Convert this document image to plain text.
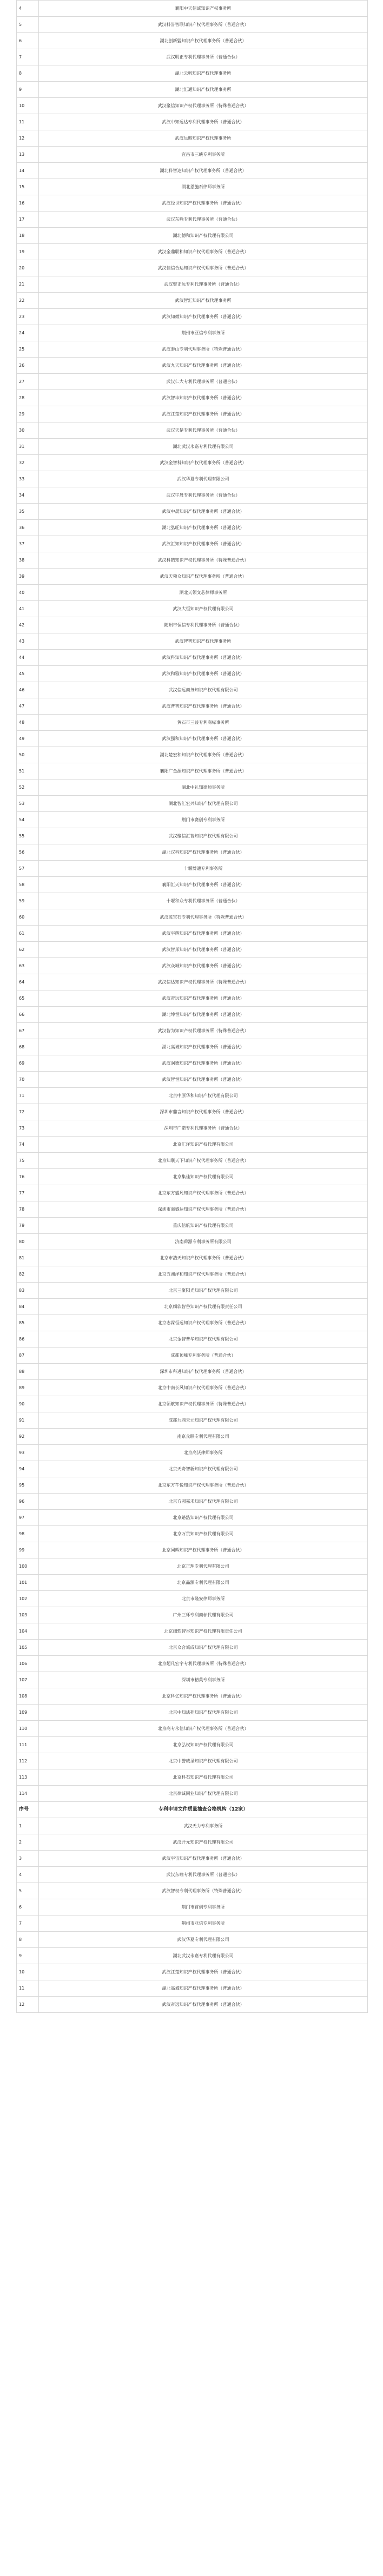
4	襄阳中天信诚知识产权事务所
5	武汉科誉智联知识产权代理事务所（普通合伙）
6	湖北创新盟知识产权代理事务所（普通合伙）
7	武汉明正专利代理事务所（普通合伙）
8	湖北云帆知识产权代理事务所
9	湖北汇通知识产权代理事务所
10	武汉聚信知识产权代理事务所（特殊普通合伙）
11	武汉中知远达专利代理事务所（普通合伙）
12	武汉远略知识产权代理事务所
13	宜昌市三峡专利事务所
14	湖北科智达知识产权代理事务所（普通合伙）
15	湖北恩施石律师事务所
16	武汉经世知识产权代理事务所（普通合伙）
17	武汉东喻专利代理事务所（普通合伙）
18	湖北德和知识产权代理有限公司
19	武汉金鼎联和知识产权代理事务所（普通合伙）
20	武汉佳信合达知识产权代理事务所（普通合伙）
21	武汉聚正远专利代理事务所（普通合伙）
22	武汉智汇知识产权代理事务所
23	武汉知微知识产权代理事务所（普通合伙）
24	荆州市亚信专利事务所
25	武汉泰山专利代理事务所（特殊普通合伙）
26	武汉九天知识产权代理事务所（普通合伙）
27	武汉仁大专利代理事务所（普通合伙）
28	武汉智丰知识产权代理事务所（普通合伙）
29	武汉江楚知识产权代理事务所（普通合伙）
30	武汉天楚专利代理事务所（普通合伙）
31	湖北武汉永嘉专利代理有限公司
32	武汉金智科知识产权代理事务所（普通合伙）
33	武汉华夏专利代理有限公司
34	武汉宇晟专利代理事务所（普通合伙）
35	武汉中晟知识产权代理事务所（普通合伙）
36	湖北弘旺知识产权代理事务所（普通合伙）
37	武汉汇知知识产权代理事务所（普通合伙）
38	武汉科皓知识产权代理事务所（特殊普通合伙）
39	武汉天领众知识产权代理事务所（普通合伙）
40	湖北天领文芯律师事务所
41	武汉大恒知识产权代理有限公司
42	随州市恒信专利代理事务所（普通合伙）
43	武汉智智知识产权代理事务所
44	武汉科知知识产权代理事务所（普通合伙）
45	武汉和雅知识产权代理事务所（普通合伙）
46	武汉信远商务知识产权代理有限公司
47	武汉普智知识产权代理事务所（普通合伙）
48	黄石市三益专利商标事务所
49	武汉强和知识产权代理事务所（普通合伙）
50	湖北楚宏和知识产权代理事务所（普通合伙）
51	襄阳广金源知识产权代理事务所（普通合伙）
52	湖北中礼知律师事务所
53	湖北智汇宏兴知识产权代理有限公司
54	荆门市赛创专利事务所
55	武汉聚信汇智知识产权代理有限公司
56	湖北汉科知识产权代理事务所（普通合伙）
57	十堰博通专利事务所
58	襄阳汇天知识产权代理事务所（普通合伙）
59	十堰和众专利代理事务所（普通合伙）
60	武汉蓝宝石专利代理事务所（特殊普通合伙）
61	武汉宇辉知识产权代理事务所（普通合伙）
62	武汉智邦知识产权代理事务所（普通合伙）
63	武汉众城知识产权代理事务所（普通合伙）
64	武汉信达知识产权代理事务所（特殊普通合伙）
65	武汉帝远知识产权代理事务所（普通合伙）
66	湖北坤恒知识产权代理事务所（普通合伙）
67	武汉智为知识产权代理事务所（特殊普通合伙）
68	湖北高诚知识产权代理事务所（普通合伙）
69	武汉润德知识产权代理事务所（普通合伙）
70	武汉智恒知识产权代理事务所（普通合伙）
71	北京中原华和知识产权代理有限公司
72	深圳市鼎言知识产权代理事务所（普通合伙）
73	深圳市广诺专利代理事务所（普通合伙）
74	北京汇泽知识产权代理有限公司
75	北京知联天下知识产权代理事务所（普通合伙）
76	北京集佳知识产权代理有限公司
77	北京东方盛凡知识产权代理事务所（普通合伙）
78	深圳市海盛达知识产权代理事务所（普通合伙）
79	重庆信航知识产权代理有限公司
80	济南舜源专利事务所有限公司
81	北京市浩天知识产权代理事务所（普通合伙）
82	北京五洲洋和知识产权代理事务所（普通合伙）
83	北京三聚阳光知识产权代理有限公司
84	北京细软智谷知识产权代理有限责任公司
85	北京志霖恒远知识产权代理事务所（普通合伙）
86	北京金智普华知识产权代理有限公司
87	成都顶峰专利事务所（普通合伙）
88	深圳市科进知识产权代理事务所（普通合伙）
89	北京中南长风知识产权代理事务所（普通合伙）
90	北京领航知识产权代理事务所（特殊普通合伙）
91	成都九鼎天元知识产权代理有限公司
92	南京众联专利代理有限公司
93	北京高沃律师事务所
94	北京天奇智新知识产权代理有限公司
95	北京东方芊悦知识产权代理事务所（普通合伙）
96	北京方圆嘉禾知识产权代理有限公司
97	北京路浩知识产权代理有限公司
98	北京万贯知识产权代理有限公司
99	北京同辉知识产权代理事务所（普通合伙）
100	北京正理专利代理有限公司
101	北京品源专利代理有限公司
102	北京市隆安律师事务所
103	广州三环专利商标代理有限公司
104	北京细软智谷知识产权代理有限责任公司
105	北京众合诚成知识产权代理有限公司
106	北京超凡宏宇专利代理事务所（特殊普通合伙）
107	深圳市精英专利事务所
108	北京科亿知识产权代理事务所（普通合伙）
109	北京中知法苑知识产权代理有限公司
110	北京商专永信知识产权代理事务所（普通合伙）
111	北京弘权知识产权代理有限公司
112	北京中誉威圣知识产权代理有限公司
113	北京科石知识产权代理有限公司
114	北京律诚同业知识产权代理有限公司
序号	专利申请文件质量抽查合格机构（12家）
1	武汉天力专利事务所
2	武汉开元知识产权代理有限公司
3	武汉宇宙知识产权代理事务所（普通合伙）
4	武汉东喻专利代理事务所（普通合伙）
5	武汉智权专利代理事务所（特殊普通合伙）
6	荆门市首创专利事务所
7	荆州市亚信专利事务所
8	武汉华夏专利代理有限公司
9	湖北武汉永嘉专利代理有限公司
10	武汉江楚知识产权代理事务所（普通合伙）
11	湖北高诚知识产权代理事务所（普通合伙）
12	武汉帝远知识产权代理事务所（普通合伙）
